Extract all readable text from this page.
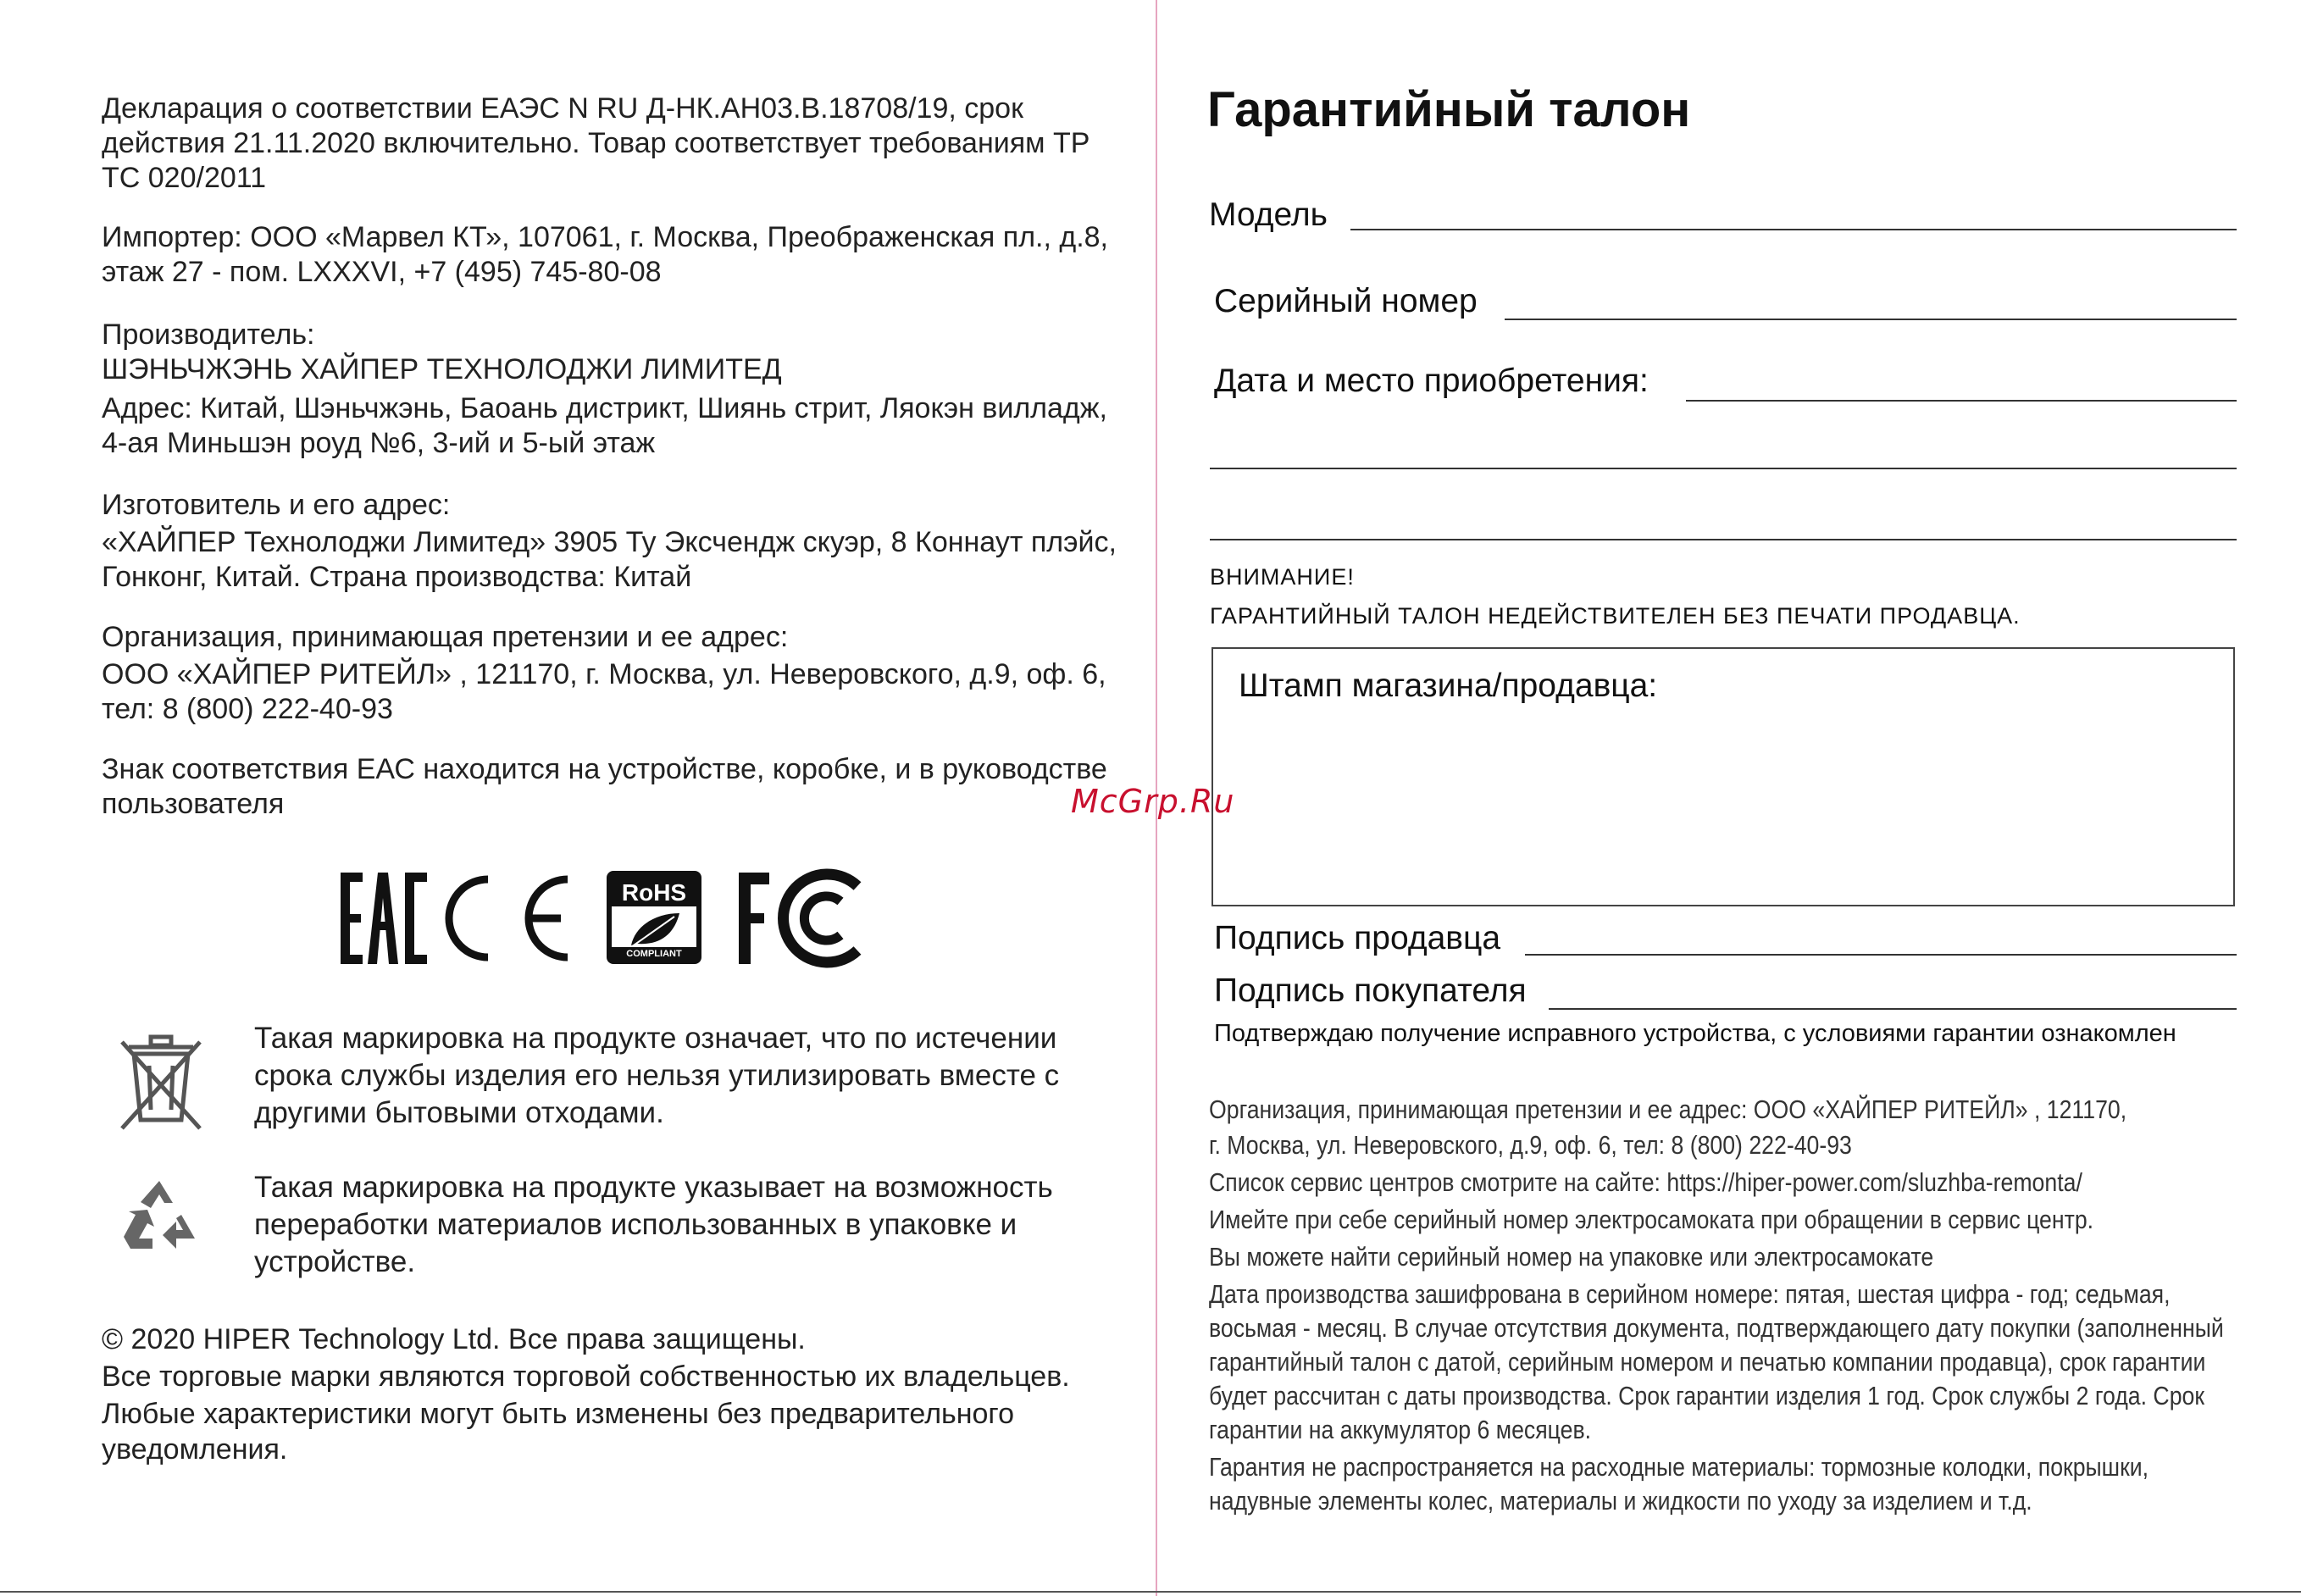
Декларация о соответствии ЕАЭС N RU Д-НК.АН03.В.18708/19, срок действия 21.11.2020 включительно. Товар соответствует требованиям ТР ТС 020/2011
Импортер: ООО «Марвел КТ», 107061, г. Москва, Преображенская пл., д.8, этаж 27 - пом. LXXXVI, +7 (495) 745-80-08
Производитель:
ШЭНЬЧЖЭНЬ ХАЙПЕР ТЕХНОЛОДЖИ ЛИМИТЕД
Адрес: Китай, Шэньчжэнь, Баоань дистрикт, Шиянь стрит, Ляокэн вилладж, 4-ая Миньшэн роуд №6, 3-ий и 5-ый этаж
Изготовитель и его адрес:
«ХАЙПЕР Технолоджи Лимитед» 3905 Ту Эксчендж скуэр, 8 Коннаут плэйс, Гонконг, Китай. Страна производства: Китай
Организация, принимающая претензии и ее адрес:
ООО «ХАЙПЕР РИТЕЙЛ» , 121170, г. Москва, ул. Неверовского, д.9, оф. 6, тел: 8 (800) 222-40-93
Знак соответствия ЕАС находится на устройстве, коробке, и в руководстве пользователя
RoHS
COMPLIANT
Такая маркировка на продукте означает, что по истечении срока службы изделия его нельзя утилизировать вместе с другими бытовыми отходами.
Такая маркировка на продукте указывает на возможность переработки материалов использованных в упаковке и устройстве.
© 2020 HIPER Technology Ltd. Все права защищены.
Все торговые марки являются торговой собственностью их владельцев.
Любые характеристики могут быть изменены без предварительного уведомления.
McGrp.Ru
Гарантийный талон
Модель
Серийный номер
Дата и место приобретения:
ВНИМАНИЕ!
ГАРАНТИЙНЫЙ ТАЛОН НЕДЕЙСТВИТЕЛЕН БЕЗ ПЕЧАТИ ПРОДАВЦА.
Штамп магазина/продавца:
Подпись продавца
Подпись покупателя
Подтверждаю получение исправного устройства, с условиями гарантии ознакомлен
Организация, принимающая претензии и ее адрес: ООО «ХАЙПЕР РИТЕЙЛ» , 121170,
г. Москва, ул. Неверовского, д.9, оф. 6, тел: 8 (800) 222-40-93
Список сервис центров смотрите на сайте: https://hiper-power.com/sluzhba-remonta/
Имейте при себе серийный номер электросамоката при обращении в сервис центр.
Вы можете найти серийный номер на упаковке или электросамокате
Дата производства зашифрована в серийном номере: пятая, шестая цифра - год; седьмая, восьмая - месяц. В случае отсутствия документа, подтверждающего дату покупки (заполненный гарантийный талон с датой, серийным номером и печатью компании продавца), срок гарантии будет рассчитан с даты производства. Срок гарантии изделия 1 год. Срок службы 2 года. Срок гарантии на аккумулятор 6 месяцев.
Гарантия не распространяется на расходные материалы: тормозные колодки, покрышки, надувные элементы колес, материалы и жидкости по уходу за изделием и т.д.
